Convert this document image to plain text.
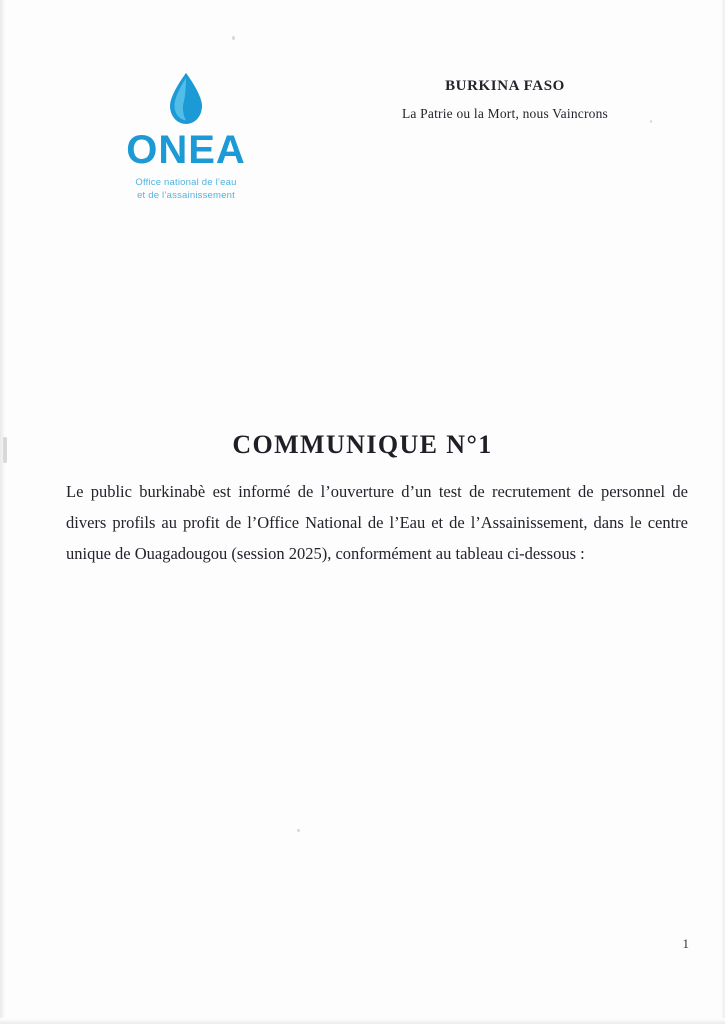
ONEA
Office national de l’eau
et de l’assainissement
BURKINA FASO
La Patrie ou la Mort, nous Vaincrons
COMMUNIQUE N°1
Le public burkinabè est informé de l’ouverture d’un test de recrutement de personnel de divers profils au profit de l’Office National de l’Eau et de l’Assainissement, dans le centre unique de Ouagadougou (session 2025), conformément au tableau ci-dessous :
1
